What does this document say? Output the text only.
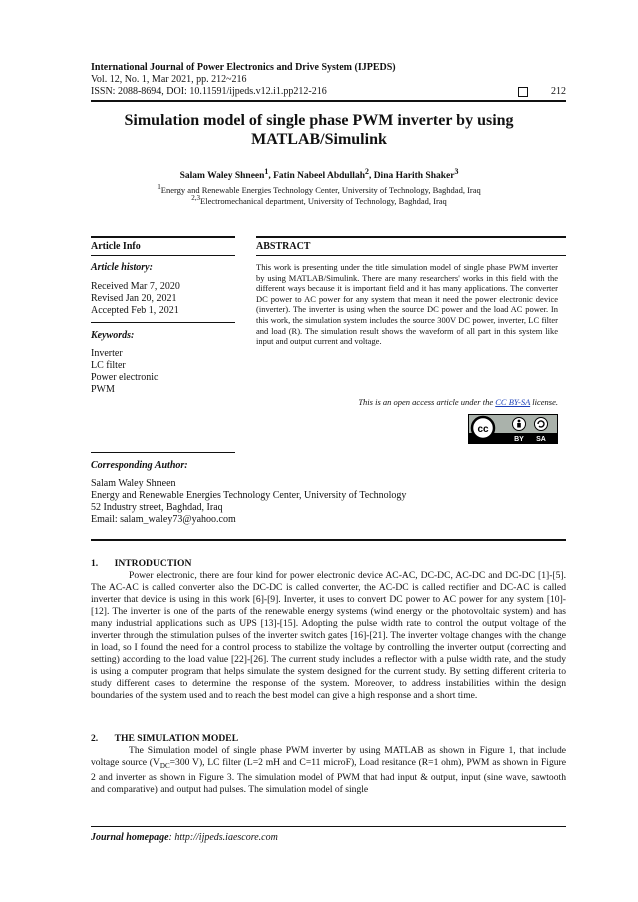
International Journal of Power Electronics and Drive System (IJPEDS)
Vol. 12, No. 1, Mar 2021, pp. 212~216
ISSN: 2088-8694, DOI: 10.11591/ijpeds.v12.i1.pp212-216	212
Simulation model of single phase PWM inverter by using MATLAB/Simulink
Salam Waley Shneen$^1$, Fatin Nabeel Abdullah$^2$, Dina Harith Shaker$^3$
$^1$Energy and Renewable Energies Technology Center, University of Technology, Baghdad, Iraq
$^{2,3}$Electromechanical department, University of Technology, Baghdad, Iraq
Article Info	ABSTRACT
Article history:
Received Mar 7, 2020
Revised Jan 20, 2021
Accepted Feb 1, 2021
Keywords:
Inverter
LC filter
Power electronic
PWM
This work is presenting under the title simulation model of single phase PWM inverter by using MATLAB/Simulink. There are many researchers' works in this field with the different ways because it is important field and it has many applications. The converter DC power to AC power for any system that mean it need the power electronic device (inverter). The inverter is using when the source DC power and the load AC power. In this work, the simulation system includes the source 300V DC power, inverter, LC filter and load (R). The simulation result shows the waveform of all part in this system like input and output current and voltage.
This is an open access article under the CC BY-SA license.
cc
BY SA
Corresponding Author:
Salam Waley Shneen
Energy and Renewable Energies Technology Center, University of Technology
52 Industry street, Baghdad, Iraq
Email: salam_waley73@yahoo.com
1. INTRODUCTION
Power electronic, there are four kind for power electronic device AC-AC, DC-DC, AC-DC and DC-DC [1]-[5]. The AC-AC is called converter also the DC-DC is called converter, the AC-DC is called rectifier and DC-AC is called inverter that device is using in this work [6]-[9]. Inverter, it uses to convert DC power to AC power for any system [10]-[12]. The inverter is one of the parts of the renewable energy systems (wind energy or the photovoltaic system) and has many industrial applications such as UPS [13]-[15]. Adopting the pulse width rate to control the output voltage of the inverter through the stimulation pulses of the inverter switch gates [16]-[21]. The inverter voltage changes with the change in load, so I found the need for a control process to stabilize the voltage by controlling the inverter output (correcting and setting) according to the load value [22]-[26]. The current study includes a reflector with a pulse width rate, and the study is using a computer program that helps simulate the system designed for the current study. By setting different criteria to study different cases to determine the response of the system. Moreover, to address instabilities within the design boundaries of the system used and to reach the best model can give a high response and a short time.
2. THE SIMULATION MODEL
The Simulation model of single phase PWM inverter by using MATLAB as shown in Figure 1, that include voltage source ($V_{DC}=300$ V), LC filter (L=2 mH and C=11 microF), Load resitance (R=1 ohm), PWM as shown in Figure 2 and inverter as shown in Figure 3. The simulation model of PWM that had input & output, input (sine wave, sawtooth and comparative) and output had pulses. The simulation model of single
Journal homepage: http://ijpeds.iaescore.com
